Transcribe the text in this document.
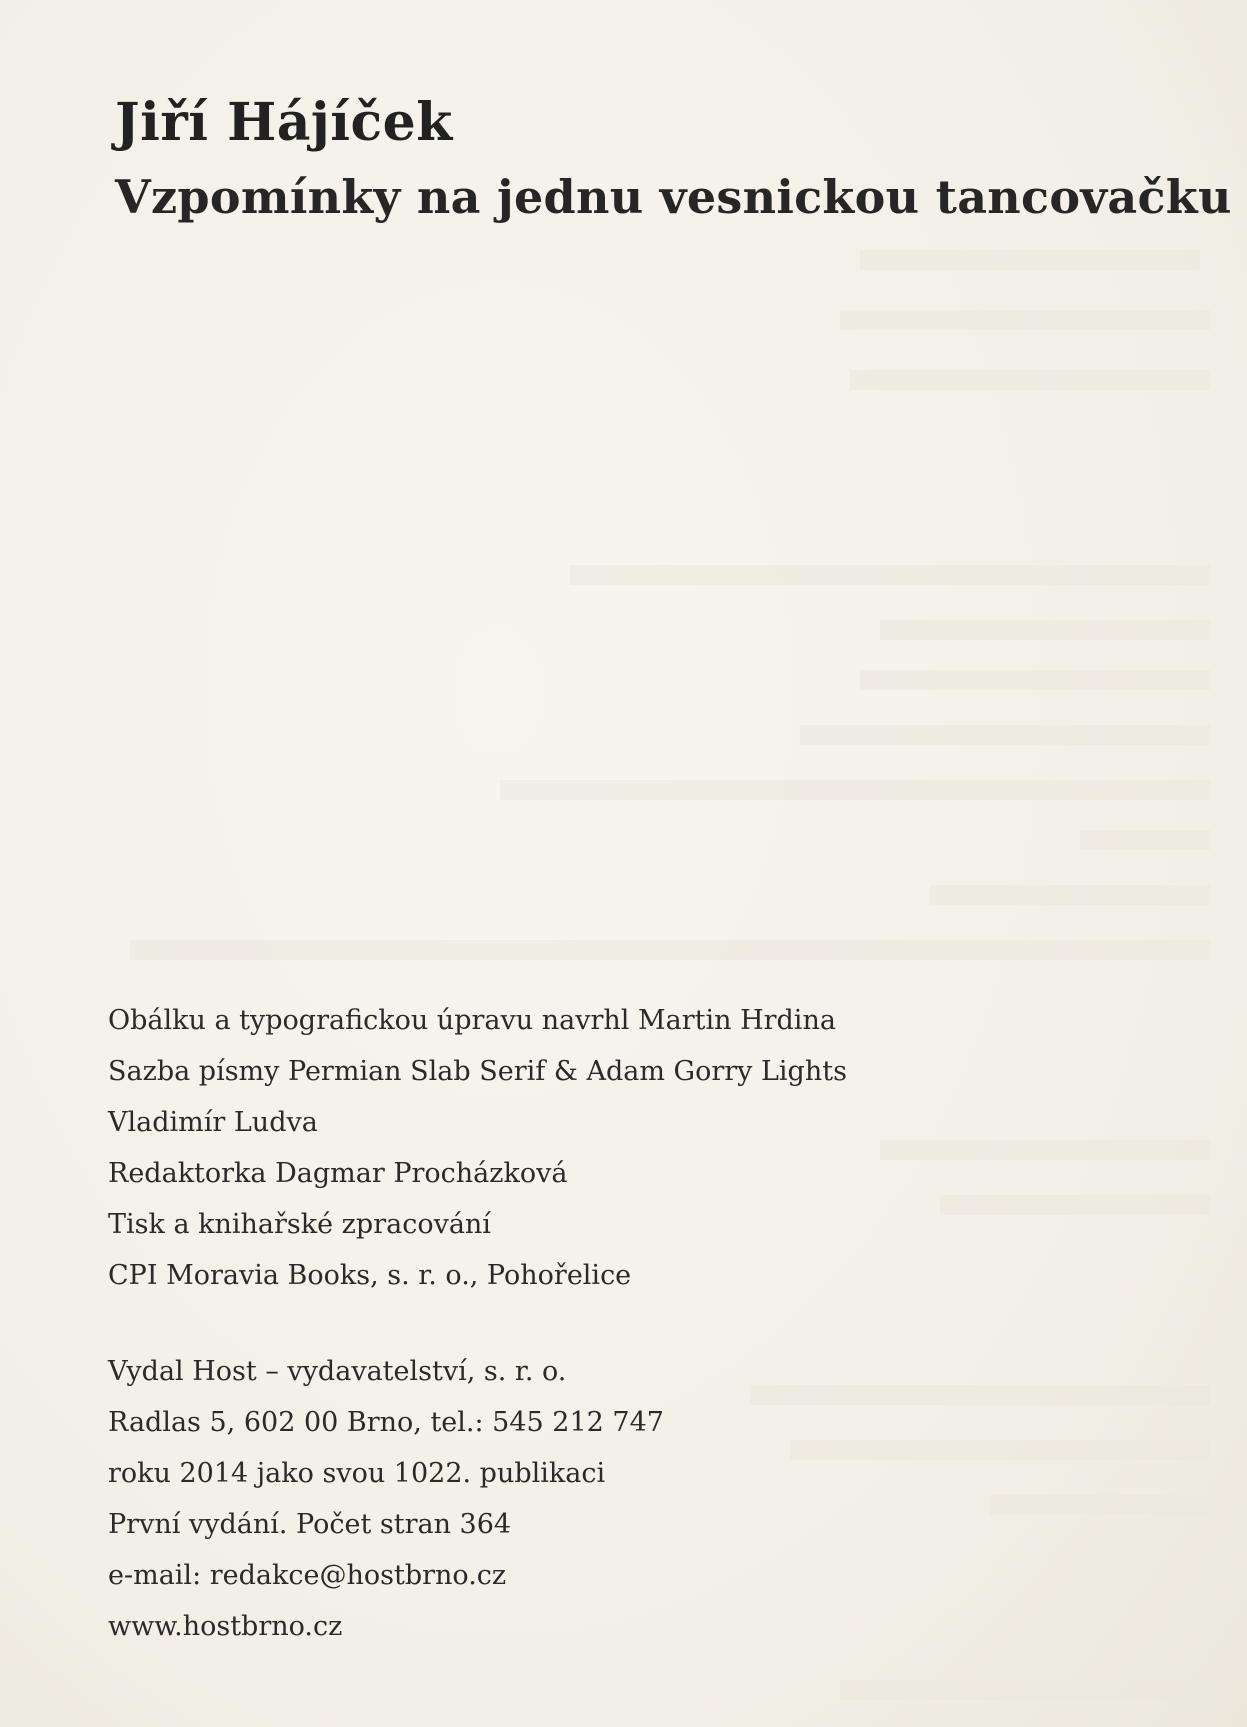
Jiří Hájíček
Vzpomínky na jednu vesnickou tancovačku
Obálku a typografickou úpravu navrhl Martin Hrdina
Sazba písmy Permian Slab Serif & Adam Gorry Lights
Vladimír Ludva
Redaktorka Dagmar Procházková
Tisk a knihařské zpracování
CPI Moravia Books, s. r. o., Pohořelice
Vydal Host – vydavatelství, s. r. o.
Radlas 5, 602 00 Brno, tel.: 545 212 747
roku 2014 jako svou 1022. publikaci
První vydání. Počet stran 364
e-mail: redakce@hostbrno.cz
www.hostbrno.cz
